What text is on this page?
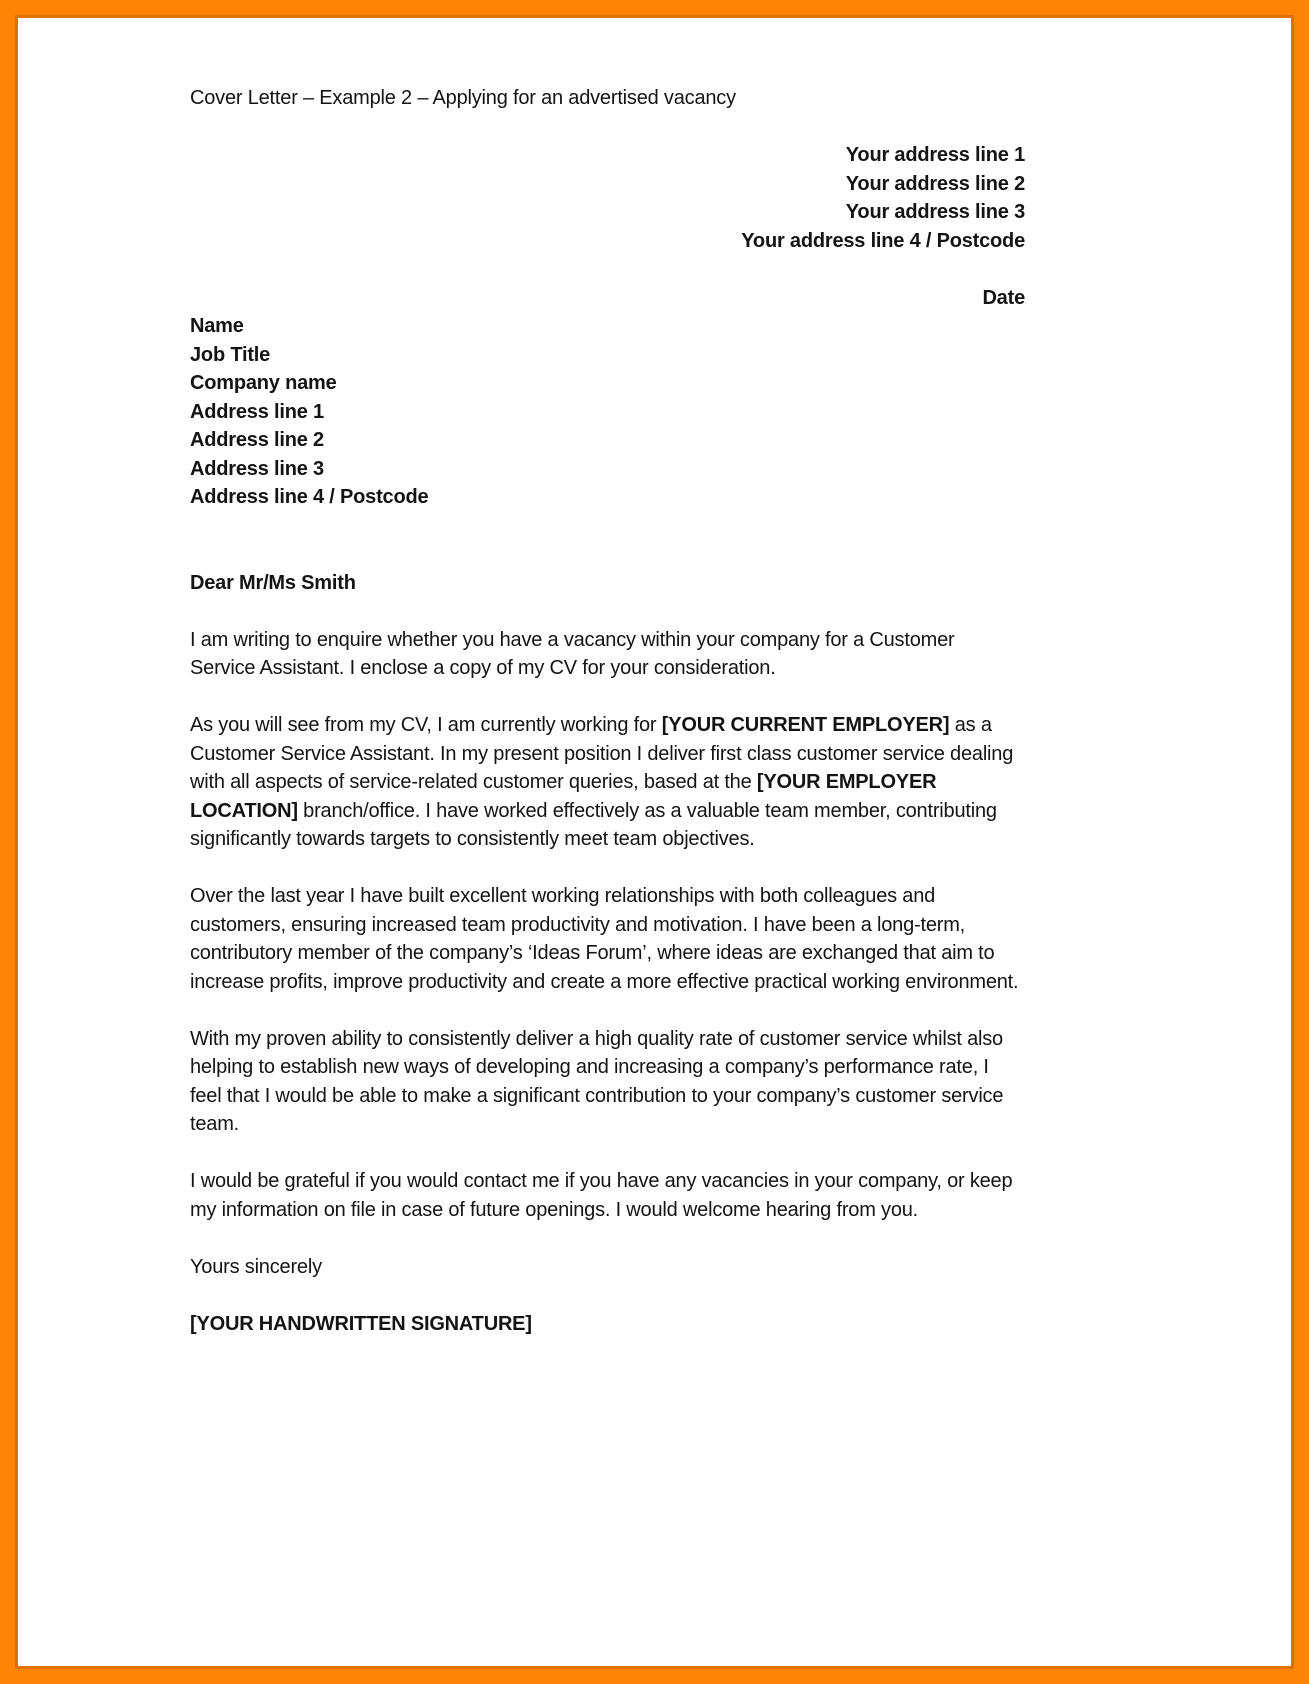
Cover Letter – Example 2 – Applying for an advertised vacancy

Your address line 1
Your address line 2
Your address line 3
Your address line 4 / Postcode

Date

Name
Job Title
Company name
Address line 1
Address line 2
Address line 3
Address line 4 / Postcode

Dear Mr/Ms Smith

I am writing to enquire whether you have a vacancy within your company for a Customer Service Assistant. I enclose a copy of my CV for your consideration.

As you will see from my CV, I am currently working for [YOUR CURRENT EMPLOYER] as a Customer Service Assistant. In my present position I deliver first class customer service dealing with all aspects of service-related customer queries, based at the [YOUR EMPLOYER LOCATION] branch/office. I have worked effectively as a valuable team member, contributing significantly towards targets to consistently meet team objectives.

Over the last year I have built excellent working relationships with both colleagues and customers, ensuring increased team productivity and motivation. I have been a long-term, contributory member of the company’s ‘Ideas Forum’, where ideas are exchanged that aim to increase profits, improve productivity and create a more effective practical working environment.

With my proven ability to consistently deliver a high quality rate of customer service whilst also helping to establish new ways of developing and increasing a company’s performance rate, I feel that I would be able to make a significant contribution to your company’s customer service team.

I would be grateful if you would contact me if you have any vacancies in your company, or keep my information on file in case of future openings. I would welcome hearing from you.

Yours sincerely

[YOUR HANDWRITTEN SIGNATURE]
